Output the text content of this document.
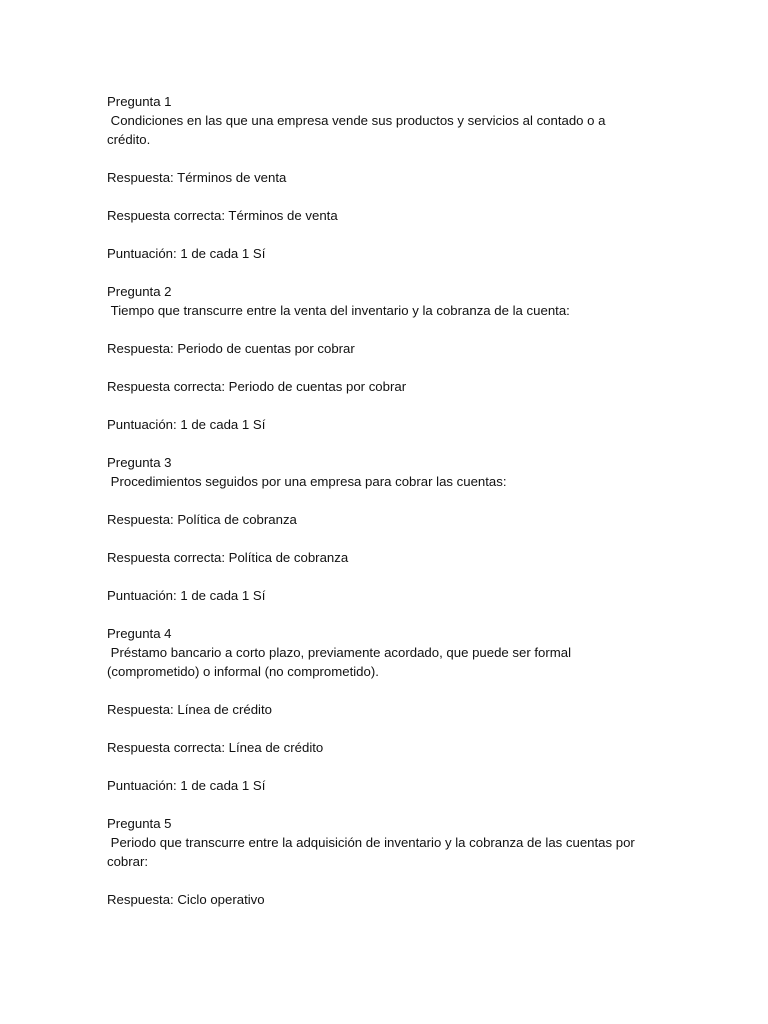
Pregunta 1
Condiciones en las que una empresa vende sus productos y servicios al contado o a
crédito.
Respuesta: Términos de venta
Respuesta correcta: Términos de venta
Puntuación: 1 de cada 1 Sí
Pregunta 2
Tiempo que transcurre entre la venta del inventario y la cobranza de la cuenta:
Respuesta: Periodo de cuentas por cobrar
Respuesta correcta: Periodo de cuentas por cobrar
Puntuación: 1 de cada 1 Sí
Pregunta 3
Procedimientos seguidos por una empresa para cobrar las cuentas:
Respuesta: Política de cobranza
Respuesta correcta: Política de cobranza
Puntuación: 1 de cada 1 Sí
Pregunta 4
Préstamo bancario a corto plazo, previamente acordado, que puede ser formal
(comprometido) o informal (no comprometido).
Respuesta: Línea de crédito
Respuesta correcta: Línea de crédito
Puntuación: 1 de cada 1 Sí
Pregunta 5
Periodo que transcurre entre la adquisición de inventario y la cobranza de las cuentas por
cobrar:
Respuesta: Ciclo operativo
